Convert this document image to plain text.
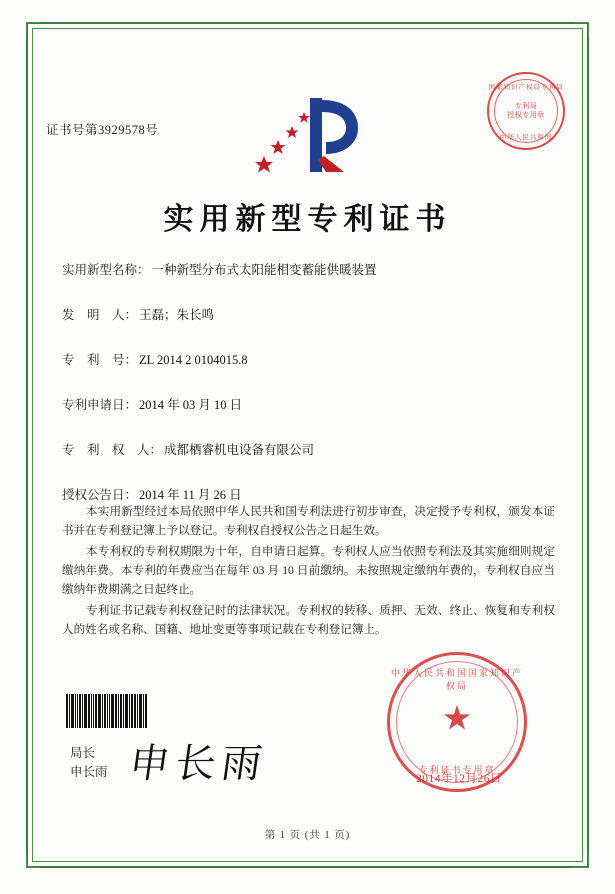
证书号第3929578号
国家知识产权局专利局
专利局
授权专用章
中华人民共和国
实用新型专利证书
实用新型名称： 一种新型分布式太阳能相变蓄能供暖装置
发　明　人： 王磊；朱长鸣
专　利　号： ZL 2014 2 0104015.8
专利申请日： 2014 年 03 月 10 日
专　利　权　人： 成都栖睿机电设备有限公司
授权公告日： 2014 年 11 月 26 日

本实用新型经过本局依照中华人民共和国专利法进行初步审查，决定授予专利权，颁发本证书并在专利登记簿上予以登记。专利权自授权公告之日起生效。

本专利权的专利权期限为十年，自申请日起算。专利权人应当依照专利法及其实施细则规定缴纳年费。本专利的年费应当在每年 03 月 10 日前缴纳。未按照规定缴纳年费的，专利权自应当缴纳年费期满之日起终止。

专利证书记载专利权登记时的法律状况。专利权的转移、质押、无效、终止、恢复和专利权人的姓名或名称、国籍、地址变更等事项记载在专利登记簿上。

局长
申长雨 申长雨
中华人民共和国国家知识产权局
★
专利证书专用章
2014年12月26日
第 1 页 (共 1 页)
